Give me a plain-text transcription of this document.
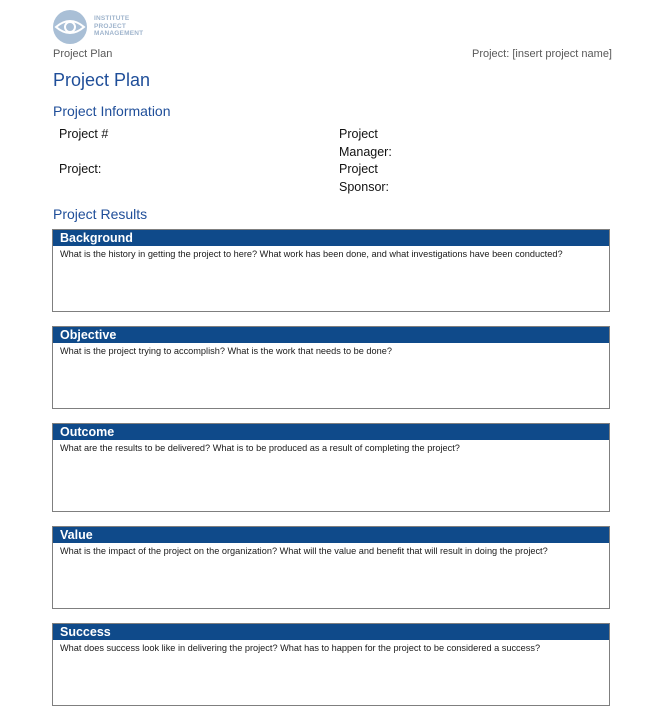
INSTITUTE
PROJECT
MANAGEMENT
Project Plan	Project: [insert project name]
Project Plan
Project Information
Project #
Project:
Project
Manager:
Project
Sponsor:
Project Results
Background
What is the history in getting the project to here? What work has been done, and what investigations have been conducted?
Objective
What is the project trying to accomplish? What is the work that needs to be done?
Outcome
What are the results to be delivered? What is to be produced as a result of completing the project?
Value
What is the impact of the project on the organization? What will the value and benefit that will result in doing the project?
Success
What does success look like in delivering the project? What has to happen for the project to be considered a success?
